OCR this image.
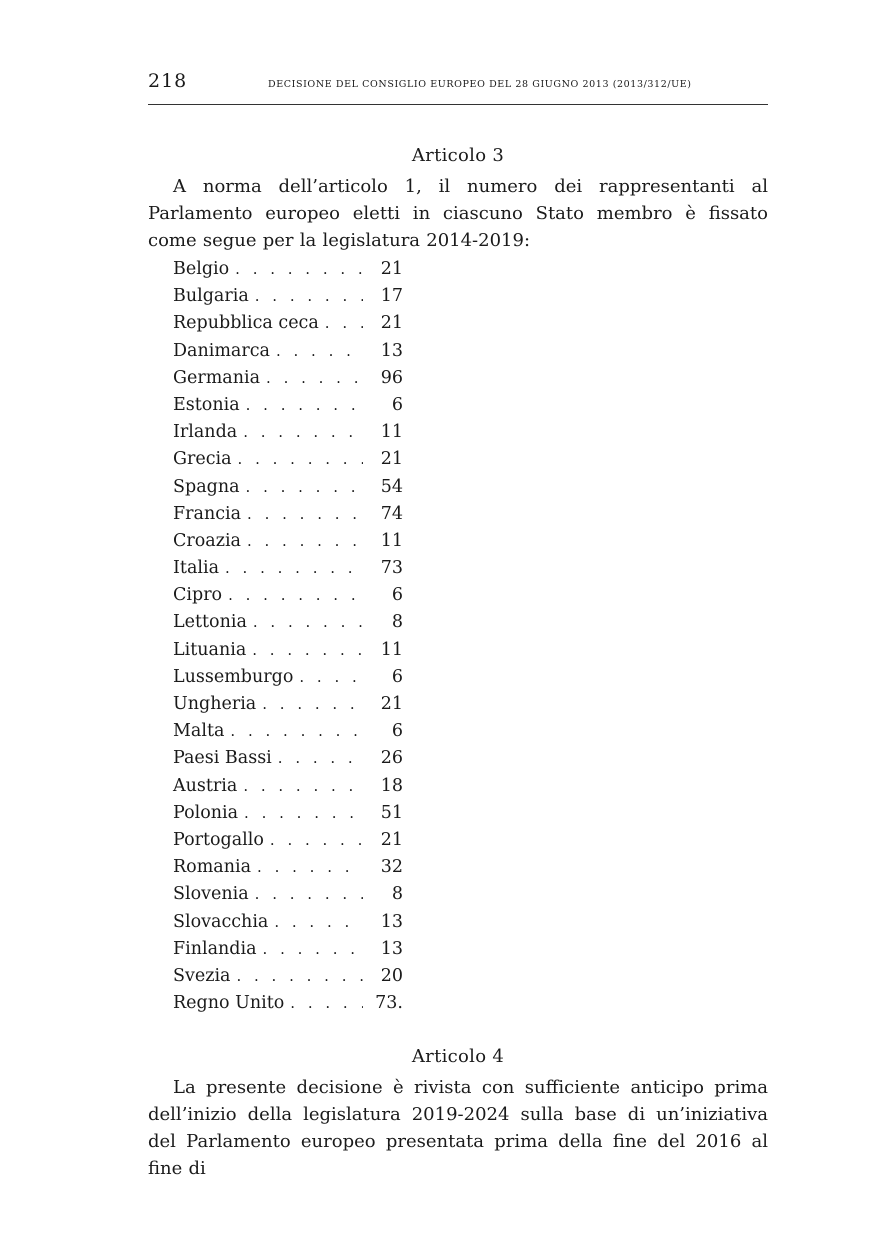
218	DECISIONE DEL CONSIGLIO EUROPEO DEL 28 GIUGNO 2013 (2013/312/UE)
Articolo 3

A norma dell’articolo 1, il numero dei rappresentanti al Parlamento europeo eletti in ciascuno Stato membro è fissato come segue per la legislatura 2014-2019:

Belgio . . .	21
Bulgaria . . .	17
Repubblica ceca . . .	21
Danimarca . . .	13
Germania . . .	96
Estonia . . .	6
Irlanda . . .	11
Grecia . . .	21
Spagna . . .	54
Francia . . .	74
Croazia . . .	11
Italia . . .	73
Cipro . . .	6
Lettonia . . .	8
Lituania . . .	11
Lussemburgo . . .	6
Ungheria . . .	21
Malta . . .	6
Paesi Bassi . . .	26
Austria . . .	18
Polonia . . .	51
Portogallo . . .	21
Romania . . .	32
Slovenia . . .	8
Slovacchia . . .	13
Finlandia . . .	13
Svezia . . .	20
Regno Unito . . .	73.
Articolo 4

La presente decisione è rivista con sufficiente anticipo prima dell’inizio della legislatura 2019-2024 sulla base di un’iniziativa del Parlamento europeo presentata prima della fine del 2016 al fine di
